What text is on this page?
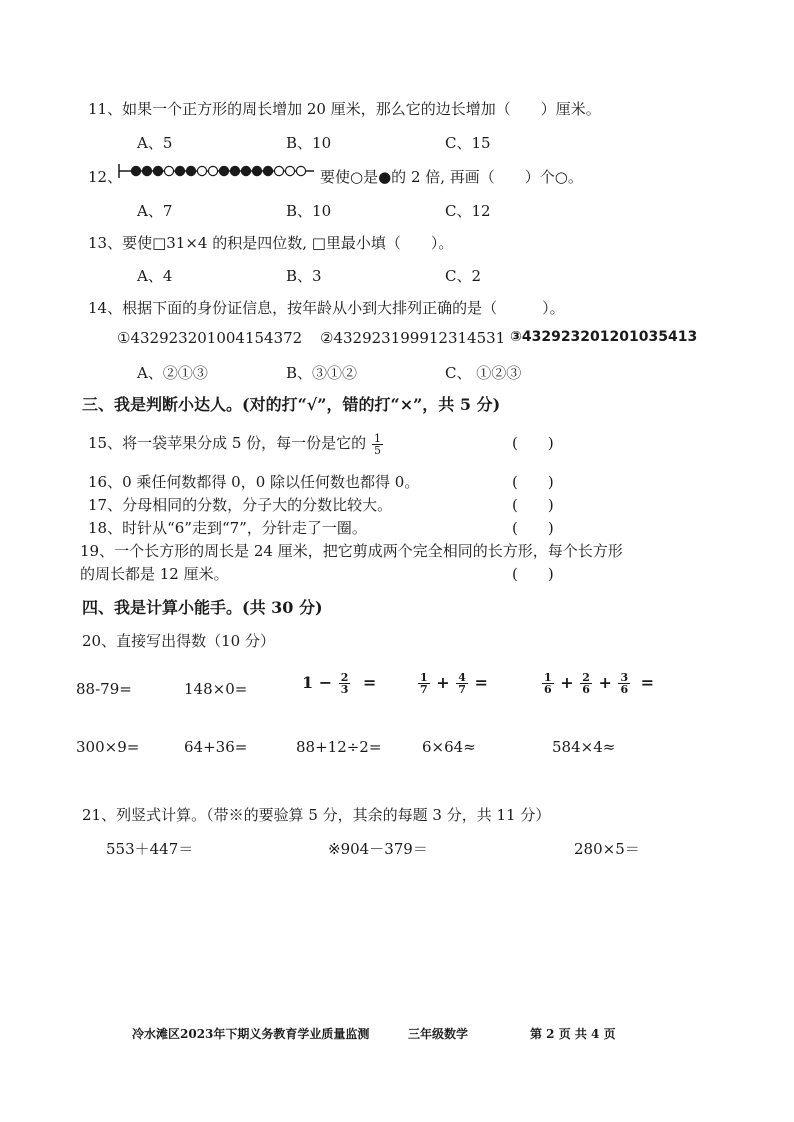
11、如果一个正方形的周长增加 20 厘米，那么它的边长增加（　　）厘米。
A、5	B、10	C、15
12、	要使○是●的 2 倍, 再画（　　）个○。
A、7	B、10	C、12
13、要使□31×4 的积是四位数, □里最小填（　　）。
A、4	B、3	C、2
14、根据下面的身份证信息，按年龄从小到大排列正确的是（　　　）。
①432923201004154372 ②432923199912314531 ③432923201201035413
A、②①③	B、③①②	C、 ①②③
三、我是判断小达人。(对的打“√”，错的打“×”，共 5 分)
15、将一袋苹果分成 5 份，每一份是它的 $\frac{1}{5}$	(　　)
16、0 乘任何数都得 0，0 除以任何数也都得 0。	(　　)
17、分母相同的分数，分子大的分数比较大。	(　　)
18、时针从“6”走到“7”，分针走了一圈。	(　　)
19、一个长方形的周长是 24 厘米，把它剪成两个完全相同的长方形，每个长方形
的周长都是 12 厘米。	(　　)
四、我是计算小能手。(共 30 分)
20、直接写出得数（10 分）
88-79=	148×0=	$1 - \frac{2}{3}$ =	$\frac{1}{7} + \frac{4}{7}$ =	$\frac{1}{6} + \frac{2}{6} + \frac{3}{6}$ =
300×9=	64+36=	88+12÷2=	6×64≈	584×4≈
21、列竖式计算。（带※的要验算 5 分，其余的每题 3 分，共 11 分）
553＋447＝	※904－379＝	280×5＝
冷水滩区2023年下期义务教育学业质量监测	三年级数学	第 2 页 共 4 页
